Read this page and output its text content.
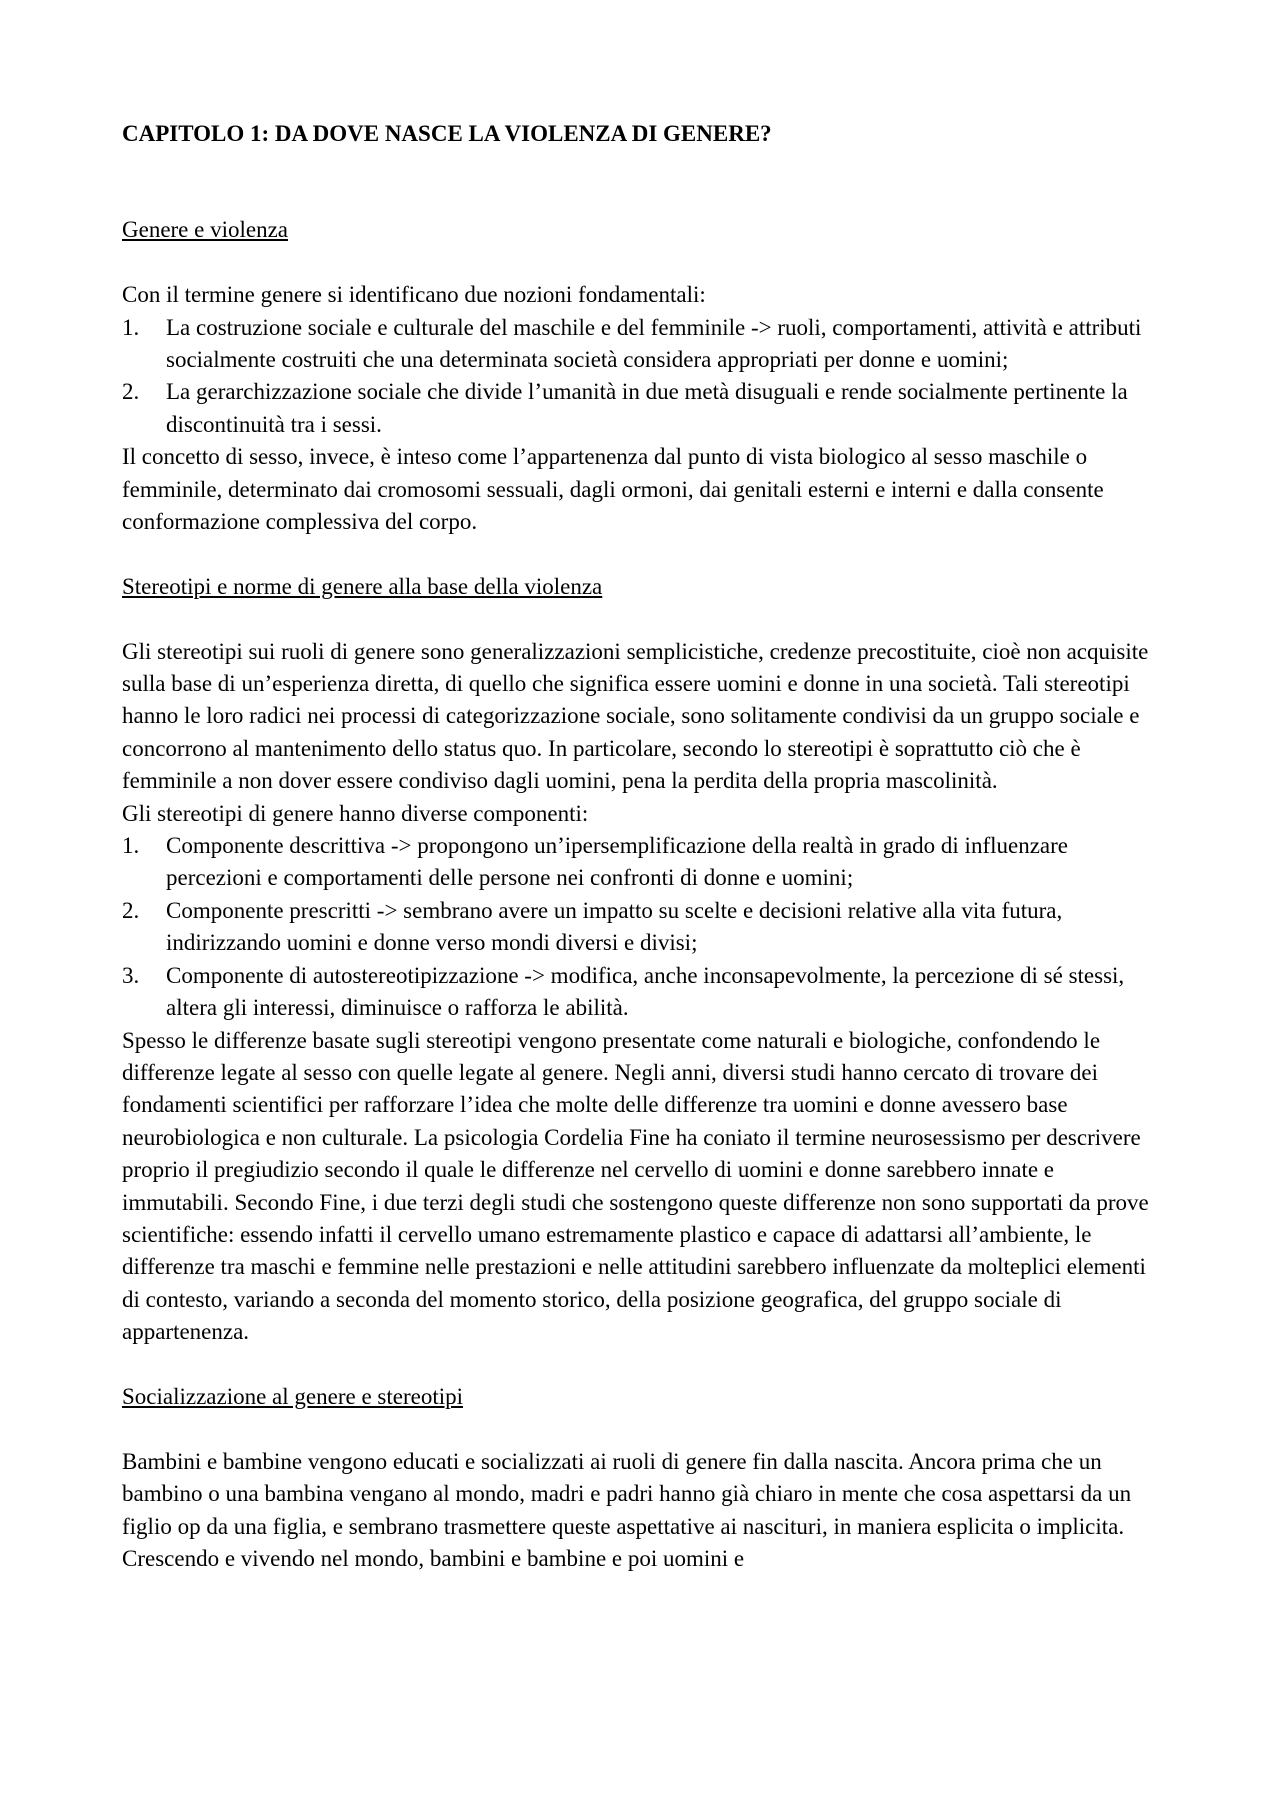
CAPITOLO 1: DA DOVE NASCE LA VIOLENZA DI GENERE?
Genere e violenza

Con il termine genere si identificano due nozioni fondamentali:

1. La costruzione sociale e culturale del maschile e del femminile -> ruoli, comportamenti, attività e attributi socialmente costruiti che una determinata società considera appropriati per donne e uomini;
2. La gerarchizzazione sociale che divide l’umanità in due metà disuguali e rende socialmente pertinente la discontinuità tra i sessi.

Il concetto di sesso, invece, è inteso come l’appartenenza dal punto di vista biologico al sesso maschile o femminile, determinato dai cromosomi sessuali, dagli ormoni, dai genitali esterni e interni e dalla consente conformazione complessiva del corpo.

Stereotipi e norme di genere alla base della violenza

Gli stereotipi sui ruoli di genere sono generalizzazioni semplicistiche, credenze precostituite, cioè non acquisite sulla base di un’esperienza diretta, di quello che significa essere uomini e donne in una società. Tali stereotipi hanno le loro radici nei processi di categorizzazione sociale, sono solitamente condivisi da un gruppo sociale e concorrono al mantenimento dello status quo. In particolare, secondo lo stereotipi è soprattutto ciò che è femminile a non dover essere condiviso dagli uomini, pena la perdita della propria mascolinità.

Gli stereotipi di genere hanno diverse componenti:

1. Componente descrittiva -> propongono un’ipersemplificazione della realtà in grado di influenzare percezioni e comportamenti delle persone nei confronti di donne e uomini;
2. Componente prescritti -> sembrano avere un impatto su scelte e decisioni relative alla vita futura, indirizzando uomini e donne verso mondi diversi e divisi;
3. Componente di autostereotipizzazione -> modifica, anche inconsapevolmente, la percezione di sé stessi, altera gli interessi, diminuisce o rafforza le abilità.

Spesso le differenze basate sugli stereotipi vengono presentate come naturali e biologiche, confondendo le differenze legate al sesso con quelle legate al genere. Negli anni, diversi studi hanno cercato di trovare dei fondamenti scientifici per rafforzare l’idea che molte delle differenze tra uomini e donne avessero base neurobiologica e non culturale. La psicologia Cordelia Fine ha coniato il termine neurosessismo per descrivere proprio il pregiudizio secondo il quale le differenze nel cervello di uomini e donne sarebbero innate e immutabili. Secondo Fine, i due terzi degli studi che sostengono queste differenze non sono supportati da prove scientifiche: essendo infatti il cervello umano estremamente plastico e capace di adattarsi all’ambiente, le differenze tra maschi e femmine nelle prestazioni e nelle attitudini sarebbero influenzate da molteplici elementi di contesto, variando a seconda del momento storico, della posizione geografica, del gruppo sociale di appartenenza.

Socializzazione al genere e stereotipi

Bambini e bambine vengono educati e socializzati ai ruoli di genere fin dalla nascita. Ancora prima che un bambino o una bambina vengano al mondo, madri e padri hanno già chiaro in mente che cosa aspettarsi da un figlio op da una figlia, e sembrano trasmettere queste aspettative ai nascituri, in maniera esplicita o implicita. Crescendo e vivendo nel mondo, bambini e bambine e poi uomini e
